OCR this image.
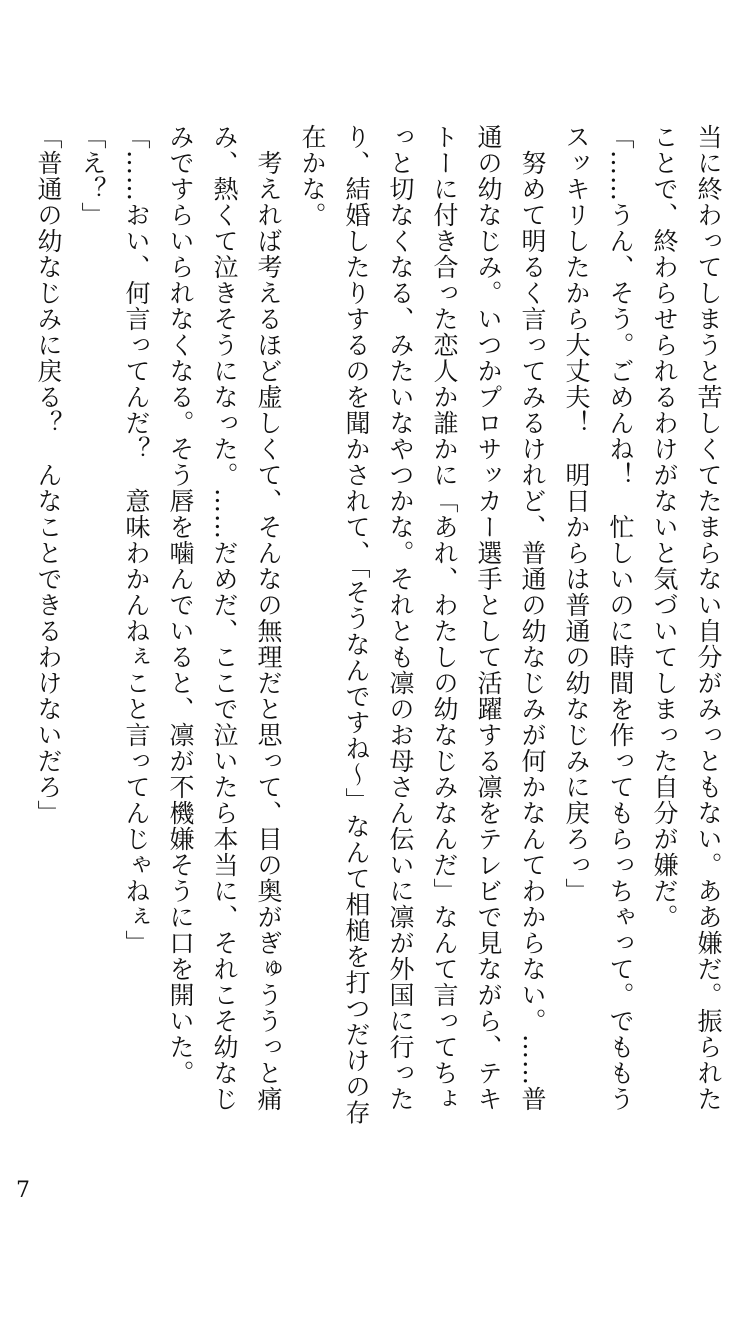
当に終わってしまうと苦しくてたまらない自分がみっともない。ああ嫌だ。振られたことで、終わらせられるわけがないと気づいてしまった自分が嫌だ。

「……うん、そう。ごめんね！　忙しいのに時間を作ってもらっちゃって。でももうスッキリしたから大丈夫！　明日からは普通の幼なじみに戻ろっ」

　努めて明るく言ってみるけれど、普通の幼なじみが何かなんてわからない。……普通の幼なじみ。いつかプロサッカー選手として活躍する凛をテレビで見ながら、テキトーに付き合った恋人か誰かに「あれ、わたしの幼なじみなんだ」なんて言ってちょっと切なくなる、みたいなやつかな。それとも凛のお母さん伝いに凛が外国に行ったり、結婚したりするのを聞かされて、「そうなんですね〜」なんて相槌を打つだけの存在かな。

　考えれば考えるほど虚しくて、そんなの無理だと思って、目の奥がぎゅううっと痛み、熱くて泣きそうになった。……だめだ、ここで泣いたら本当に、それこそ幼なじみですらいられなくなる。そう唇を噛んでいると、凛が不機嫌そうに口を開いた。

「……おい、何言ってんだ？　意味わかんねぇこと言ってんじゃねぇ」

「え？」

「普通の幼なじみに戻る？　んなことできるわけないだろ」

7
